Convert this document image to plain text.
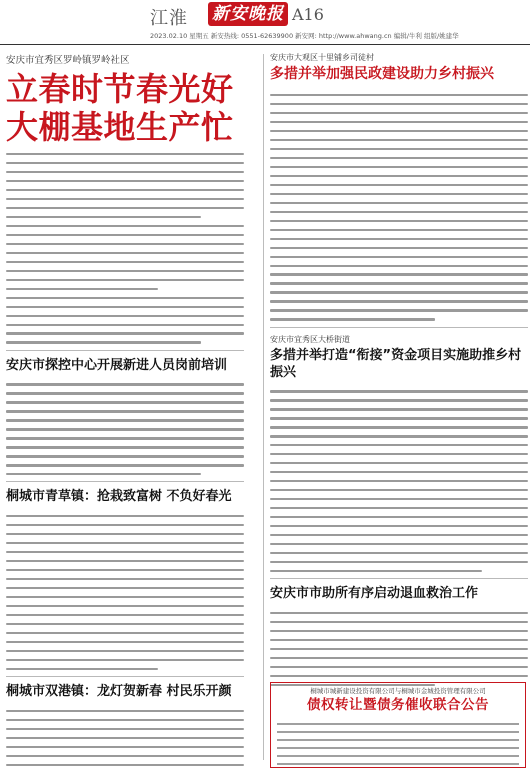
江淮 新安晚报 A16
2023.02.10 星期五 新安热线: 0551-62639900 新安网: http://www.ahwang.cn 编辑/牛利 组版/姚建华
安庆市宜秀区罗岭镇罗岭社区
立春时节春光好
大棚基地生产忙
安庆市探控中心开展新进人员岗前培训
桐城市青草镇：抢栽致富树 不负好春光
桐城市双港镇：龙灯贺新春 村民乐开颜
安庆市大观区十里铺乡司徒村
多措并举加强民政建设助力乡村振兴
安庆市宜秀区大桥街道
多措并举打造“衔接”资金项目实施助推乡村振兴
安庆市市助所有序启动退血救治工作
桐城市城新建设投资有限公司与桐城市金城投资管理有限公司
债权转让暨债务催收联合公告
